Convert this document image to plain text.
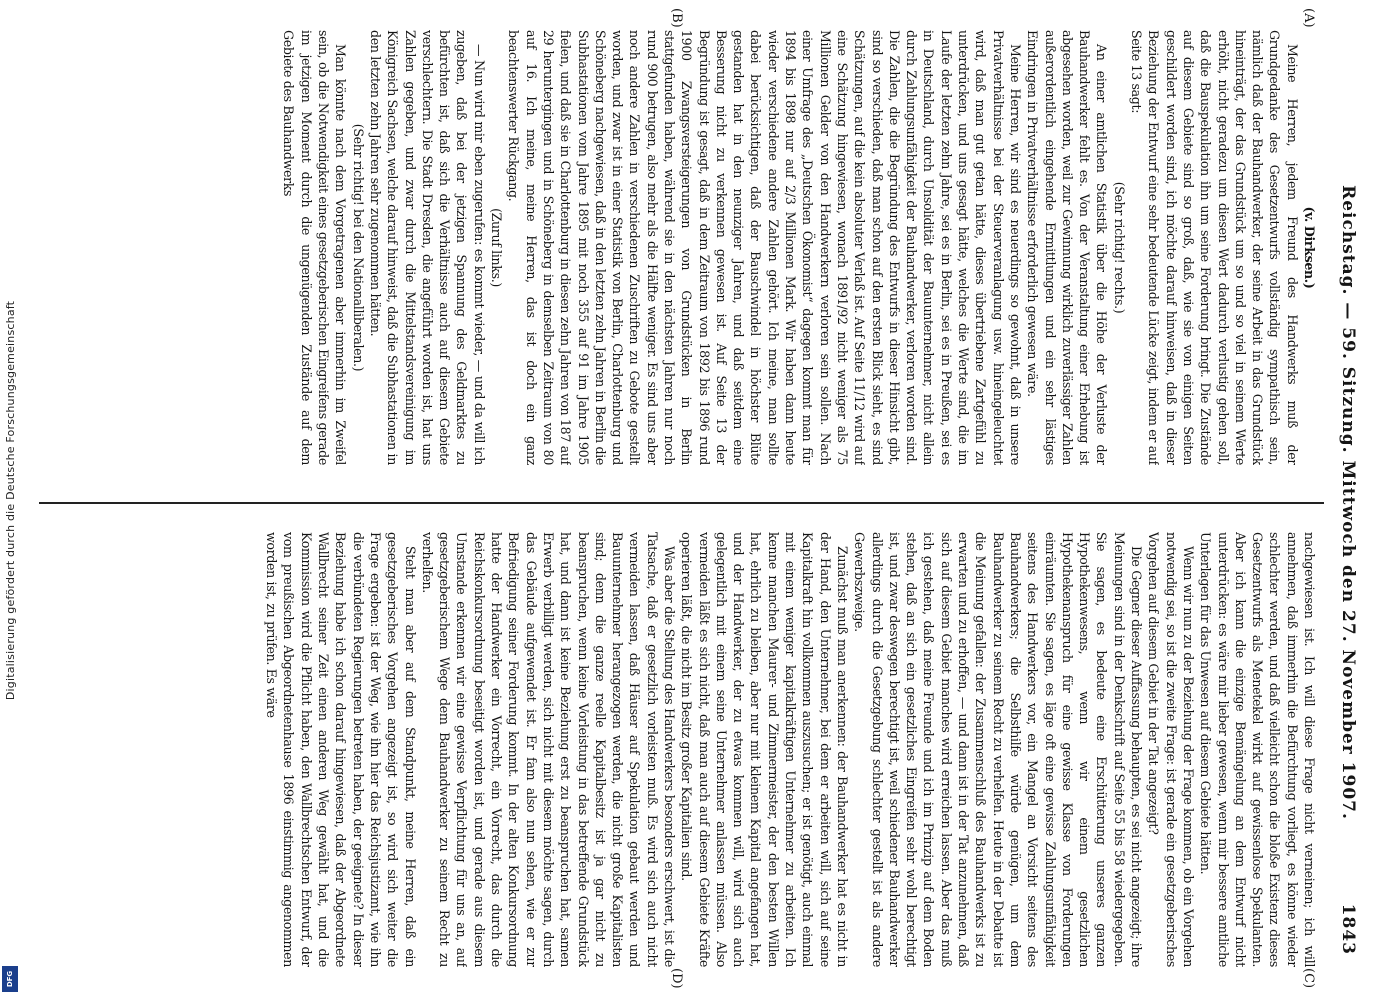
Digitalisierung gefördert durch die Deutsche Forschungsgemeinschaft
DFG
Reichstag. — 59. Sitzung. Mittwoch den 27. November 1907.
1843
(A)
(B)
(C)
(D)

(v. Dirksen.)

Meine Herren, jedem Freund des Handwerks muß der Grundgedanke des Gesetzentwurfs vollständig sympathisch sein, nämlich daß der Bauhandwerker, der seine Arbeit in das Grundstück hineinträgt, der das Grundstück um so und so viel in seinem Werte erhöht, nicht geradezu um diesen Wert dadurch verlustig gehen soll, daß die Bauspekulation ihn um seine Forderung bringt. Die Zustände auf diesem Gebiete sind so groß, daß, wie sie von einigen Seiten geschildert worden sind, ich möchte darauf hinweisen, daß in dieser Beziehung der Entwurf eine sehr bedeutende Lücke zeigt, indem er auf Seite 13 sagt:

(Sehr richtig! rechts.)

An einer amtlichen Statistik über die Höhe der Verluste der Bauhandwerker fehlt es. Von der Veranstaltung einer Erhebung ist abgesehen worden, weil zur Gewinnung wirklich zuverlässiger Zahlen außerordentlich eingehende Ermittlungen und ein sehr lästiges Eindringen in Privatverhältnisse erforderlich gewesen wäre.

Meine Herren, wir sind es neuerdings so gewohnt, daß in unsere Privatverhältnisse bei der Steuerveranlagung usw. hineingeleuchtet wird, daß man gut getan hätte, dieses übertriebene Zartgefühl zu unterdrücken, und uns gesagt hätte, welches die Werte sind, die im Laufe der letzten zehn Jahre, sei es in Berlin, sei es in Preußen, sei es in Deutschland, durch Unsolidität der Bauunternehmer, nicht allein durch Zahlungsunfähigkeit der Bauhandwerker, verloren worden sind. Die Zahlen, die die Begründung des Entwurfs in dieser Hinsicht gibt, sind so verschieden, daß man schon auf den ersten Blick sieht, es sind Schätzungen, auf die kein absoluter Verlaß ist. Auf Seite 11/12 wird auf eine Schätzung hingewiesen, wonach 1891/92 nicht weniger als 75 Millionen Gelder von den Handwerkern verloren sein sollen. Nach einer Umfrage des „Deutschen Ökonomist“ dagegen kommt man für 1894 bis 1898 nur auf 2/3 Millionen Mark. Wir haben dann heute wieder verschiedene andere Zahlen gehört. Ich meine, man sollte dabei berücksichtigen, daß der Bauschwindel in höchster Blüte gestanden hat in den neunziger Jahren, und daß seitdem eine Besserung nicht zu verkennen gewesen ist. Auf Seite 13 der Begründung ist gesagt, daß in dem Zeitraum von 1892 bis 1896 rund 1900 Zwangsversteigerungen von Grundstücken in Berlin stattgefunden haben, während sie in den nächsten Jahren nur noch rund 900 betrugen, also mehr als die Hälfte weniger. Es sind uns aber noch andere Zahlen in verschiedenen Zuschriften zu Gebote gestellt worden, und zwar ist in einer Statistik von Berlin, Charlottenburg und Schöneberg nachgewiesen, daß in den letzten zehn Jahren in Berlin die Subhastationen vom Jahre 1895 mit noch 355 auf 91 im Jahre 1905 fielen, und daß sie in Charlottenburg in diesen zehn Jahren von 187 auf 29 heruntergingen und in Schöneberg in demselben Zeitraum von 80 auf 16. Ich meine, meine Herren, das ist doch ein ganz beachtenswerter Rückgang.

(Zuruf links.)

— Nun wird mir eben zugerufen: es kommt wieder, — und da will ich zugeben, daß bei der jetzigen Spannung des Geldmarktes zu befürchten ist, daß sich die Verhältnisse auch auf diesem Gebiete verschlechtern. Die Stadt Dresden, die angeführt worden ist, hat uns Zahlen gegeben, und zwar durch die Mittelstandsvereinigung im Königreich Sachsen, welche darauf hinweist, daß die Subhastationen in den letzten zehn Jahren sehr zugenommen hätten.

(Sehr richtig! bei den Nationalliberalen.)

Man könnte nach dem Vorgetragenen aber immerhin im Zweifel sein, ob die Notwendigkeit eines gesetzgeberischen Eingreifens gerade im jetzigen Moment durch die ungenügenden Zustände auf dem Gebiete des Bauhandwerks

nachgewiesen ist. Ich will diese Frage nicht verneinen; ich will annehmen, daß immerhin die Befürchtung vorliegt, es könne wieder schlechter werden, und daß vielleicht schon die bloße Existenz dieses Gesetzentwurfs als Menetekel wirkt auf gewissenlose Spekulanten. Aber ich kann die einzige Bemängelung an dem Entwurf nicht unterdrücken: es wäre mir lieber gewesen, wenn mir bessere amtliche Unterlagen für das Unwesen auf diesem Gebiete hätten.

Wenn wir nun zu der Beziehung der Frage kommen, ob ein Vorgehen notwendig sei, so ist die zweite Frage: ist gerade ein gesetzgeberisches Vorgehen auf diesem Gebiet in der Tat angezeigt?

Die Gegner dieser Auffassung behaupten, es sei nicht angezeigt; ihre Meinungen sind in der Denkschrift auf Seite 55 bis 58 wiedergegeben. Sie sagen, es bedeute eine Erschütterung unseres ganzen Hypothekenwesens, wenn wir einem gesetzlichen Hypothekenanspruch für eine gewisse Klasse von Forderungen einräumten. Sie sagen, es läge oft eine gewisse Zahlungsunfähigkeit seitens des Handwerkers vor, ein Mangel an Vorsicht seitens des Bauhandwerkers; die Selbsthilfe würde genügen, um dem Bauhandwerker zu seinem Recht zu verhelfen. Heute in der Debatte ist die Meinung gefallen: der Zusammenschluß des Bauhandwerks ist zu erwarten und zu erhoffen, — und dann ist in der Tat anzunehmen, daß sich auf diesem Gebiet manches wird erreichen lassen. Aber das muß ich gestehen, daß meine Freunde und ich im Prinzip auf dem Boden stehen, daß an sich ein gesetzliches Eingreifen sehr wohl berechtigt ist, und zwar deswegen berechtigt ist, weil schiedener Bauhandwerker allerdings durch die Gesetzgebung schlechter gestellt ist als andere Gewerbszweige.

Zunächst muß man anerkennen: der Bauhandwerker hat es nicht in der Hand, den Unternehmer, bei dem er arbeiten will, sich auf seine Kapitalkraft hin vollkommen auszusuchen; er ist genötigt, auch einmal mit einem weniger kapitalkräftigen Unternehmer zu arbeiten. Ich kenne manchen Maurer- und Zimmermeister, der den besten Willen hat, ehrlich zu bleiben, aber nur mit kleinem Kapital angefangen hat, und der Handwerker, der zu etwas kommen will, wird sich auch gelegentlich mit einem seine Unternehmer anlassen müssen. Also vermeiden läßt es sich nicht, daß man auch auf diesem Gebiete Kräfte operieren läßt, die nicht im Besitz großer Kapitalien sind.

Was aber die Stellung des Handwerkers besonders erschwert, ist die Tatsache, daß er gesetzlich vorleisten muß. Es wird sich auch nicht vermeiden lassen, daß Häuser auf Spekulation gebaut werden und Bauunternehmer herangezogen werden, die nicht große Kapitalisten sind; denn die ganze reelle Kapitalbesitz ist ja gar nicht zu beanspruchen, wenn keine Vorleistung in das betreffende Grundstück hat, und dann ist keine Beziehung erst zu beanspruchen hat, samen Erwerb verbilligt werden, sich nicht mit diesem möchte sagen, durch das Gebäude aufgewendet ist. Er fam also nun sehen, wie er zur Befriedigung seiner Forderung kommt. In der alten Konkursordnung hatte der Handwerker ein Vorrecht, ein Vorrecht, das durch die Reichskonkursordnung beseitigt worden ist, und gerade aus diesem Umstande erkennen wir eine gewisse Verpflichtung für uns an, auf gesetzgeberischem Wege dem Bauhandwerker zu seinem Recht zu verhelfen.

Steht man aber auf dem Standpunkt, meine Herren, daß ein gesetzgeberisches Vorgehen angezeigt ist, so wird sich weiter die Frage ergeben: ist der Weg, wie ihn hier das Reichsjustizamt, wie ihn die verbündeten Regierungen betreten haben, der geeignete? In dieser Beziehung habe ich schon darauf hingewiesen, daß der Abgeordnete Wallbrecht seiner Zeit einen anderen Weg gewählt hat, und die Kommission wird die Pflicht haben, den Wallbrechtschen Entwurf, der vom preußischen Abgeordnetenhause 1896 einstimmig angenommen worden ist, zu prüfen. Es wäre
